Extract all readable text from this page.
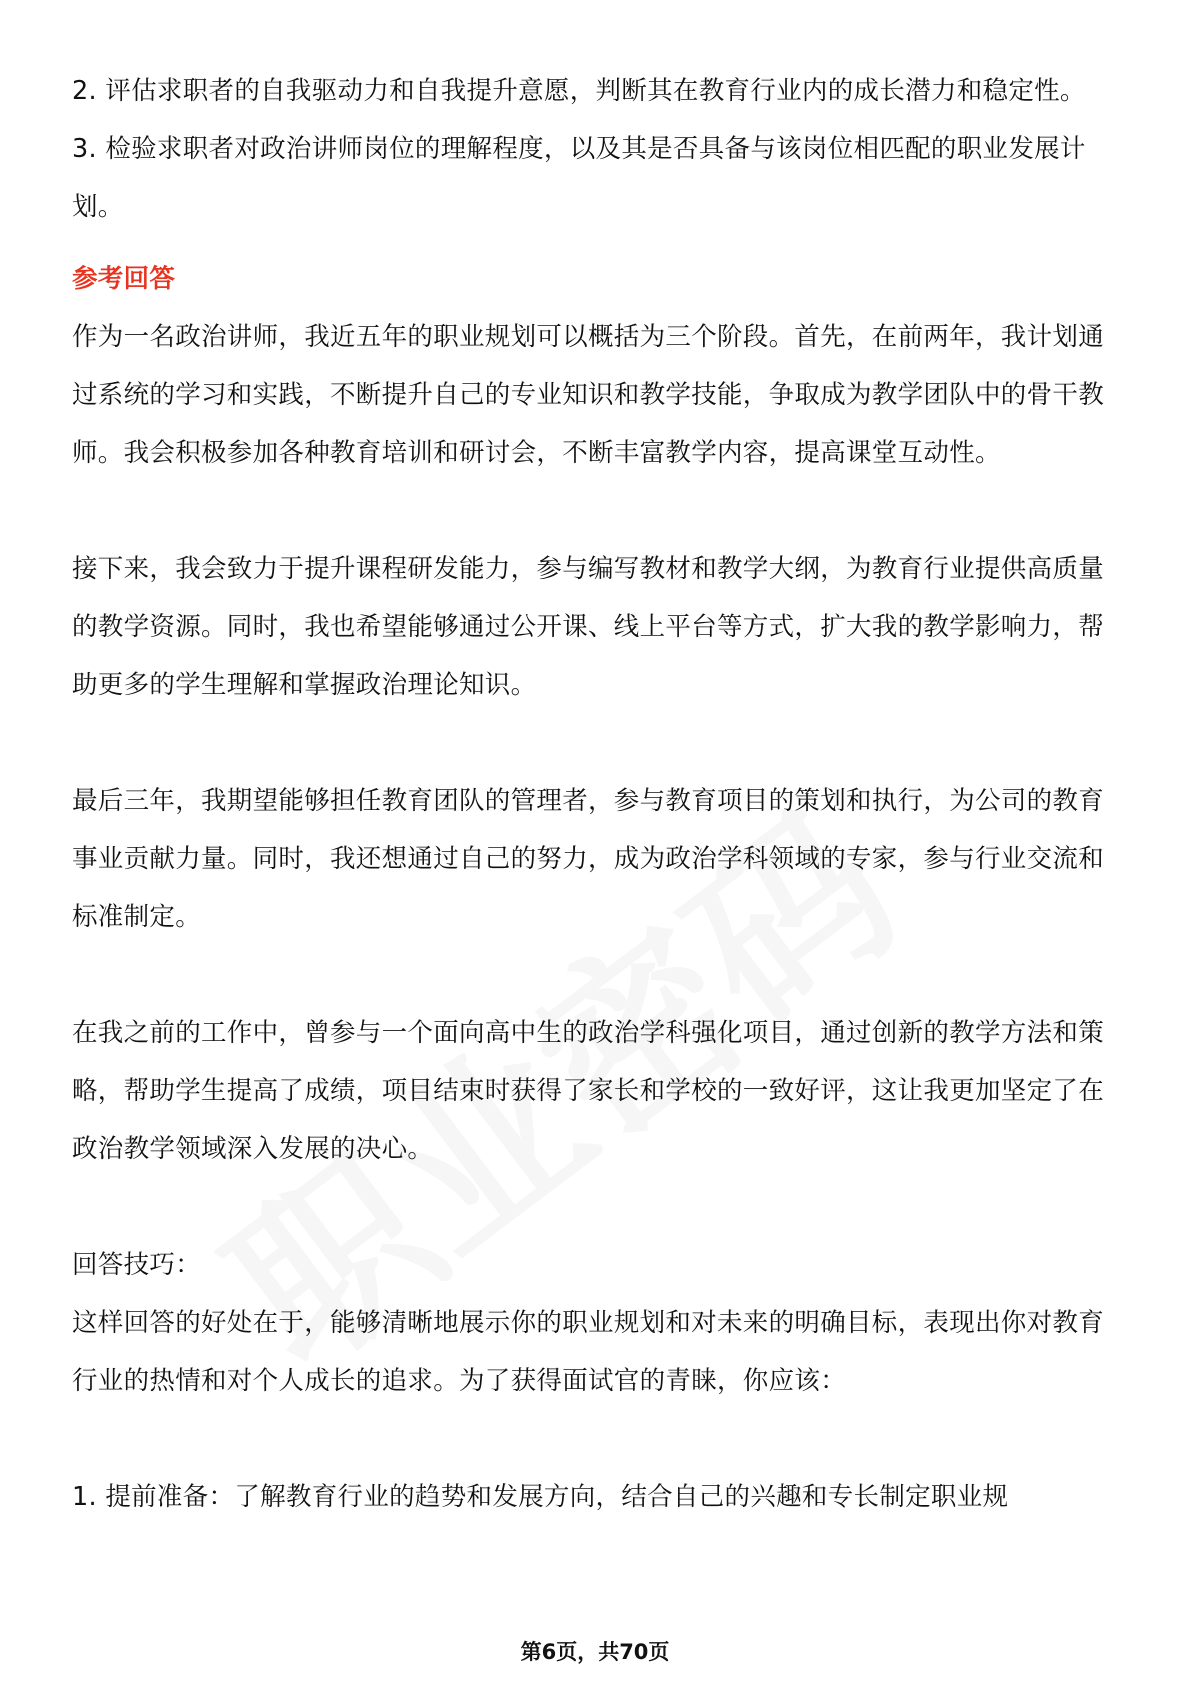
2. 评估求职者的自我驱动力和自我提升意愿，判断其在教育行业内的成长潜力和稳定性。

3. 检验求职者对政治讲师岗位的理解程度，以及其是否具备与该岗位相匹配的职业发展计划。

参考回答

作为一名政治讲师，我近五年的职业规划可以概括为三个阶段。首先，在前两年，我计划通过系统的学习和实践，不断提升自己的专业知识和教学技能，争取成为教学团队中的骨干教师。我会积极参加各种教育培训和研讨会，不断丰富教学内容，提高课堂互动性。

接下来，我会致力于提升课程研发能力，参与编写教材和教学大纲，为教育行业提供高质量的教学资源。同时，我也希望能够通过公开课、线上平台等方式，扩大我的教学影响力，帮助更多的学生理解和掌握政治理论知识。

最后三年，我期望能够担任教育团队的管理者，参与教育项目的策划和执行，为公司的教育事业贡献力量。同时，我还想通过自己的努力，成为政治学科领域的专家，参与行业交流和标准制定。

在我之前的工作中，曾参与一个面向高中生的政治学科强化项目，通过创新的教学方法和策略，帮助学生提高了成绩，项目结束时获得了家长和学校的一致好评，这让我更加坚定了在政治教学领域深入发展的决心。

回答技巧：

这样回答的好处在于，能够清晰地展示你的职业规划和对未来的明确目标，表现出你对教育行业的热情和对个人成长的追求。为了获得面试官的青睐，你应该：

1. 提前准备：了解教育行业的趋势和发展方向，结合自己的兴趣和专长制定职业规

第6页，共70页
